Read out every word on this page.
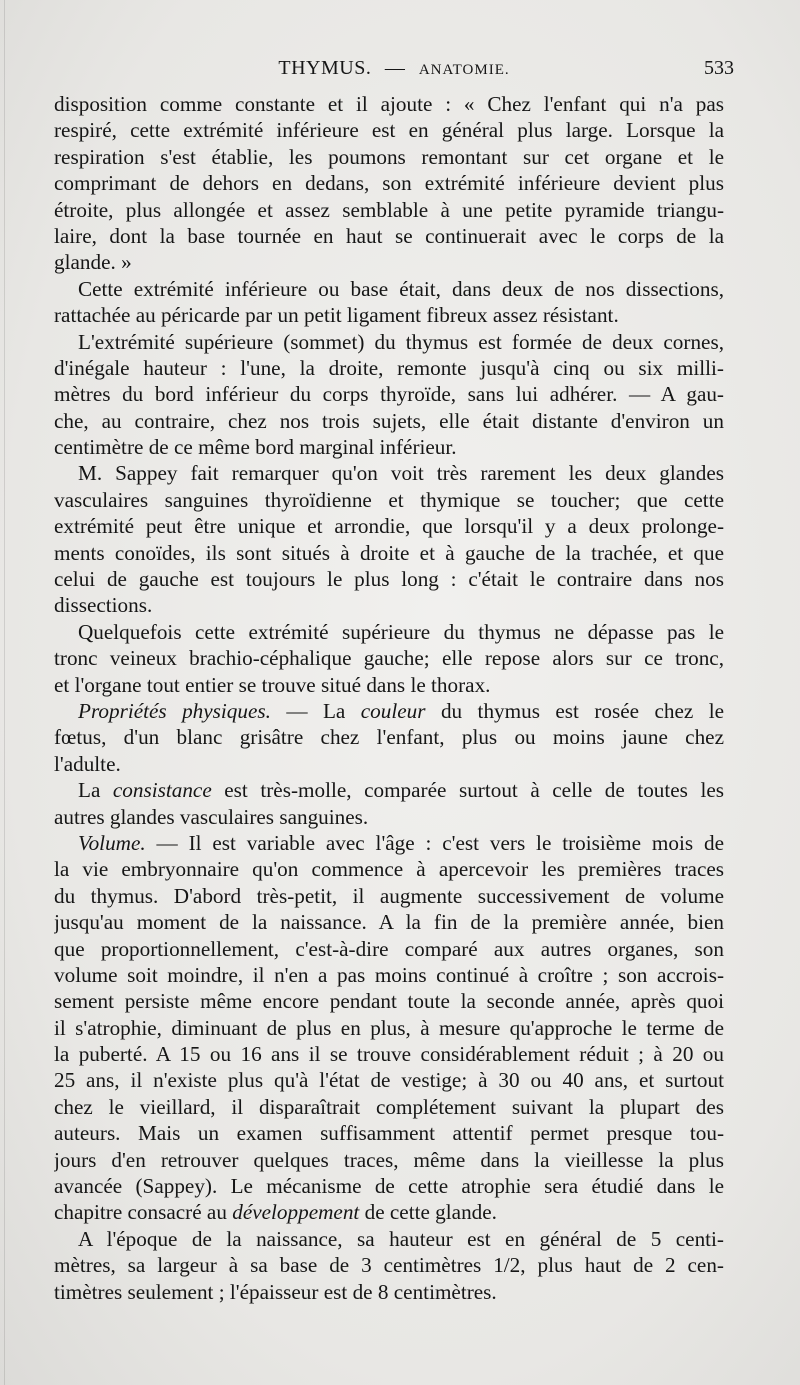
THYMUS. — ANATOMIE.	533
disposition comme constante et il ajoute : « Chez l'enfant qui n'a pas
respiré, cette extrémité inférieure est en général plus large. Lorsque la
respiration s'est établie, les poumons remontant sur cet organe et le
comprimant de dehors en dedans, son extrémité inférieure devient plus
étroite, plus allongée et assez semblable à une petite pyramide triangu-
laire, dont la base tournée en haut se continuerait avec le corps de la
glande. »
Cette extrémité inférieure ou base était, dans deux de nos dissections,
rattachée au péricarde par un petit ligament fibreux assez résistant.
L'extrémité supérieure (sommet) du thymus est formée de deux cornes,
d'inégale hauteur : l'une, la droite, remonte jusqu'à cinq ou six milli-
mètres du bord inférieur du corps thyroïde, sans lui adhérer. — A gau-
che, au contraire, chez nos trois sujets, elle était distante d'environ un
centimètre de ce même bord marginal inférieur.
M. Sappey fait remarquer qu'on voit très rarement les deux glandes
vasculaires sanguines thyroïdienne et thymique se toucher; que cette
extrémité peut être unique et arrondie, que lorsqu'il y a deux prolonge-
ments conoïdes, ils sont situés à droite et à gauche de la trachée, et que
celui de gauche est toujours le plus long : c'était le contraire dans nos
dissections.
Quelquefois cette extrémité supérieure du thymus ne dépasse pas le
tronc veineux brachio-céphalique gauche; elle repose alors sur ce tronc,
et l'organe tout entier se trouve situé dans le thorax.
Propriétés physiques. — La couleur du thymus est rosée chez le
fœtus, d'un blanc grisâtre chez l'enfant, plus ou moins jaune chez
l'adulte.
La consistance est très-molle, comparée surtout à celle de toutes les
autres glandes vasculaires sanguines.
Volume. — Il est variable avec l'âge : c'est vers le troisième mois de
la vie embryonnaire qu'on commence à apercevoir les premières traces
du thymus. D'abord très-petit, il augmente successivement de volume
jusqu'au moment de la naissance. A la fin de la première année, bien
que proportionnellement, c'est-à-dire comparé aux autres organes, son
volume soit moindre, il n'en a pas moins continué à croître ; son accrois-
sement persiste même encore pendant toute la seconde année, après quoi
il s'atrophie, diminuant de plus en plus, à mesure qu'approche le terme de
la puberté. A 15 ou 16 ans il se trouve considérablement réduit ; à 20 ou
25 ans, il n'existe plus qu'à l'état de vestige; à 30 ou 40 ans, et surtout
chez le vieillard, il disparaîtrait complétement suivant la plupart des
auteurs. Mais un examen suffisamment attentif permet presque tou-
jours d'en retrouver quelques traces, même dans la vieillesse la plus
avancée (Sappey). Le mécanisme de cette atrophie sera étudié dans le
chapitre consacré au développement de cette glande.
A l'époque de la naissance, sa hauteur est en général de 5 centi-
mètres, sa largeur à sa base de 3 centimètres 1/2, plus haut de 2 cen-
timètres seulement ; l'épaisseur est de 8 centimètres.
